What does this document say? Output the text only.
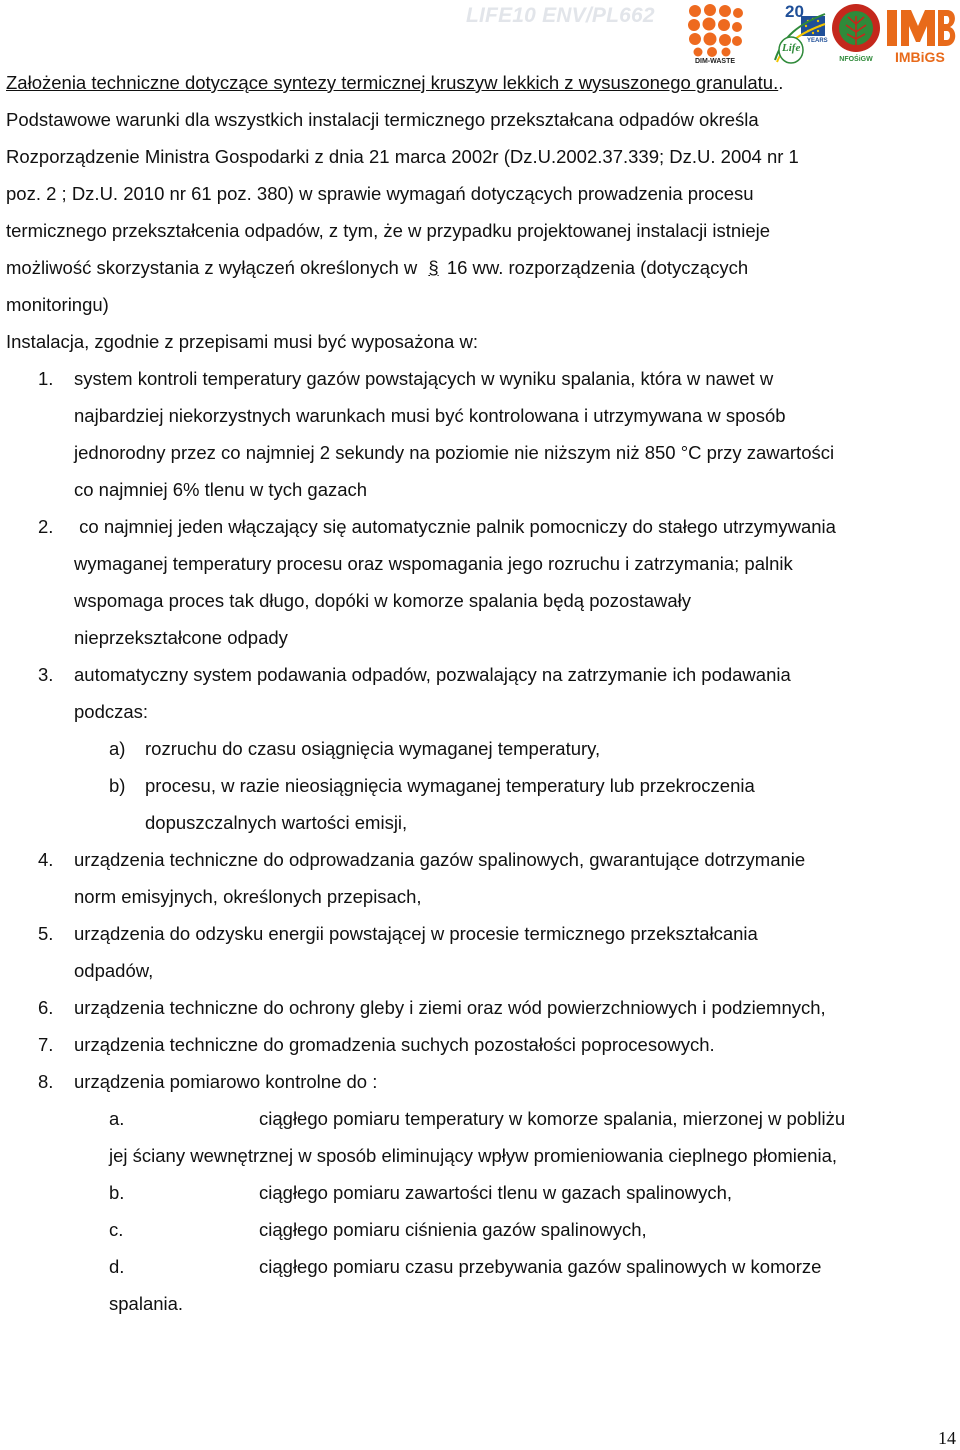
LIFE10 ENV/PL662
DIM-WASTE
20
YEARS
Life
NFOŚiGW	IMBiGS
Założenia techniczne dotyczące syntezy termicznej kruszyw lekkich z wysuszonego granulatu..
Podstawowe warunki dla wszystkich instalacji termicznego przekształcana odpadów określa
Rozporządzenie Ministra Gospodarki z dnia 21 marca 2002r (Dz.U.2002.37.339; Dz.U. 2004 nr 1
poz. 2 ; Dz.U. 2010 nr 61 poz. 380) w sprawie wymagań dotyczących prowadzenia procesu
termicznego przekształcenia odpadów, z tym, że w przypadku projektowanej instalacji istnieje
możliwość skorzystania z wyłączeń określonych w § 16 ww. rozporządzenia (dotyczących
monitoringu)
Instalacja, zgodnie z przepisami musi być wyposażona w:
1. system kontroli temperatury gazów powstających w wyniku spalania, która w nawet w
najbardziej niekorzystnych warunkach musi być kontrolowana i utrzymywana w sposób
jednorodny przez co najmniej 2 sekundy na poziomie nie niższym niż 850 °C przy zawartości
co najmniej 6% tlenu w tych gazach
2. co najmniej jeden włączający się automatycznie palnik pomocniczy do stałego utrzymywania
wymaganej temperatury procesu oraz wspomagania jego rozruchu i zatrzymania; palnik
wspomaga proces tak długo, dopóki w komorze spalania będą pozostawały
nieprzekształcone odpady
3. automatyczny system podawania odpadów, pozwalający na zatrzymanie ich podawania
podczas:
a) rozruchu do czasu osiągnięcia wymaganej temperatury,
b) procesu, w razie nieosiągnięcia wymaganej temperatury lub przekroczenia
dopuszczalnych wartości emisji,
4. urządzenia techniczne do odprowadzania gazów spalinowych, gwarantujące dotrzymanie
norm emisyjnych, określonych przepisach,
5. urządzenia do odzysku energii powstającej w procesie termicznego przekształcania
odpadów,
6. urządzenia techniczne do ochrony gleby i ziemi oraz wód powierzchniowych i podziemnych,
7. urządzenia techniczne do gromadzenia suchych pozostałości poprocesowych.
8. urządzenia pomiarowo kontrolne do :
a.	ciągłego pomiaru temperatury w komorze spalania, mierzonej w pobliżu
jej ściany wewnętrznej w sposób eliminujący wpływ promieniowania cieplnego płomienia,
b.	ciągłego pomiaru zawartości tlenu w gazach spalinowych,
c.	ciągłego pomiaru ciśnienia gazów spalinowych,
d.	ciągłego pomiaru czasu przebywania gazów spalinowych w komorze
spalania.
14
